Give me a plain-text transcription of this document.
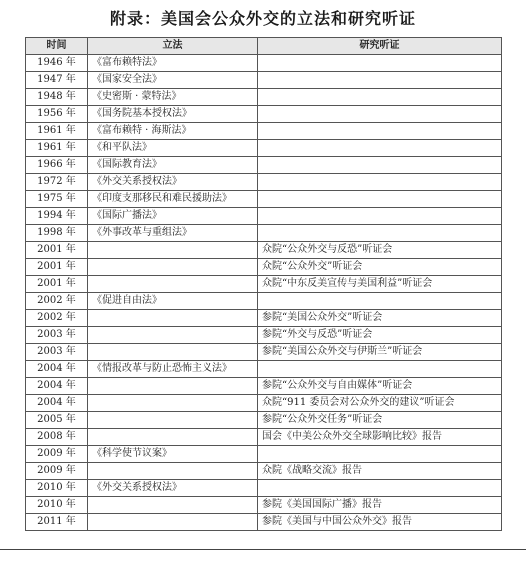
附录：美国会公众外交的立法和研究听证
时间	立法	研究听证
1946 年	《富布赖特法》	
1947 年	《国家安全法》	
1948 年	《史密斯 · 蒙特法》	
1956 年	《国务院基本授权法》	
1961 年	《富布赖特 · 海斯法》	
1961 年	《和平队法》	
1966 年	《国际教育法》	
1972 年	《外交关系授权法》	
1975 年	《印度支那移民和难民援助法》	
1994 年	《国际广播法》	
1998 年	《外事改革与重组法》	
2001 年		众院“公众外交与反恐”听证会
2001 年		众院“公众外交”听证会
2001 年		众院“中东反美宣传与美国利益”听证会
2002 年	《促进自由法》	
2002 年		参院“美国公众外交”听证会
2003 年		参院“外交与反恐”听证会
2003 年		参院“美国公众外交与伊斯兰”听证会
2004 年	《情报改革与防止恐怖主义法》	
2004 年		参院“公众外交与自由媒体”听证会
2004 年		众院“911 委员会对公众外交的建议”听证会
2005 年		参院“公众外交任务”听证会
2008 年		国会《中美公众外交全球影响比较》报告
2009 年	《科学使节议案》	
2009 年		众院《战略交流》报告
2010 年	《外交关系授权法》	
2010 年		参院《美国国际广播》报告
2011 年		参院《美国与中国公众外交》报告
